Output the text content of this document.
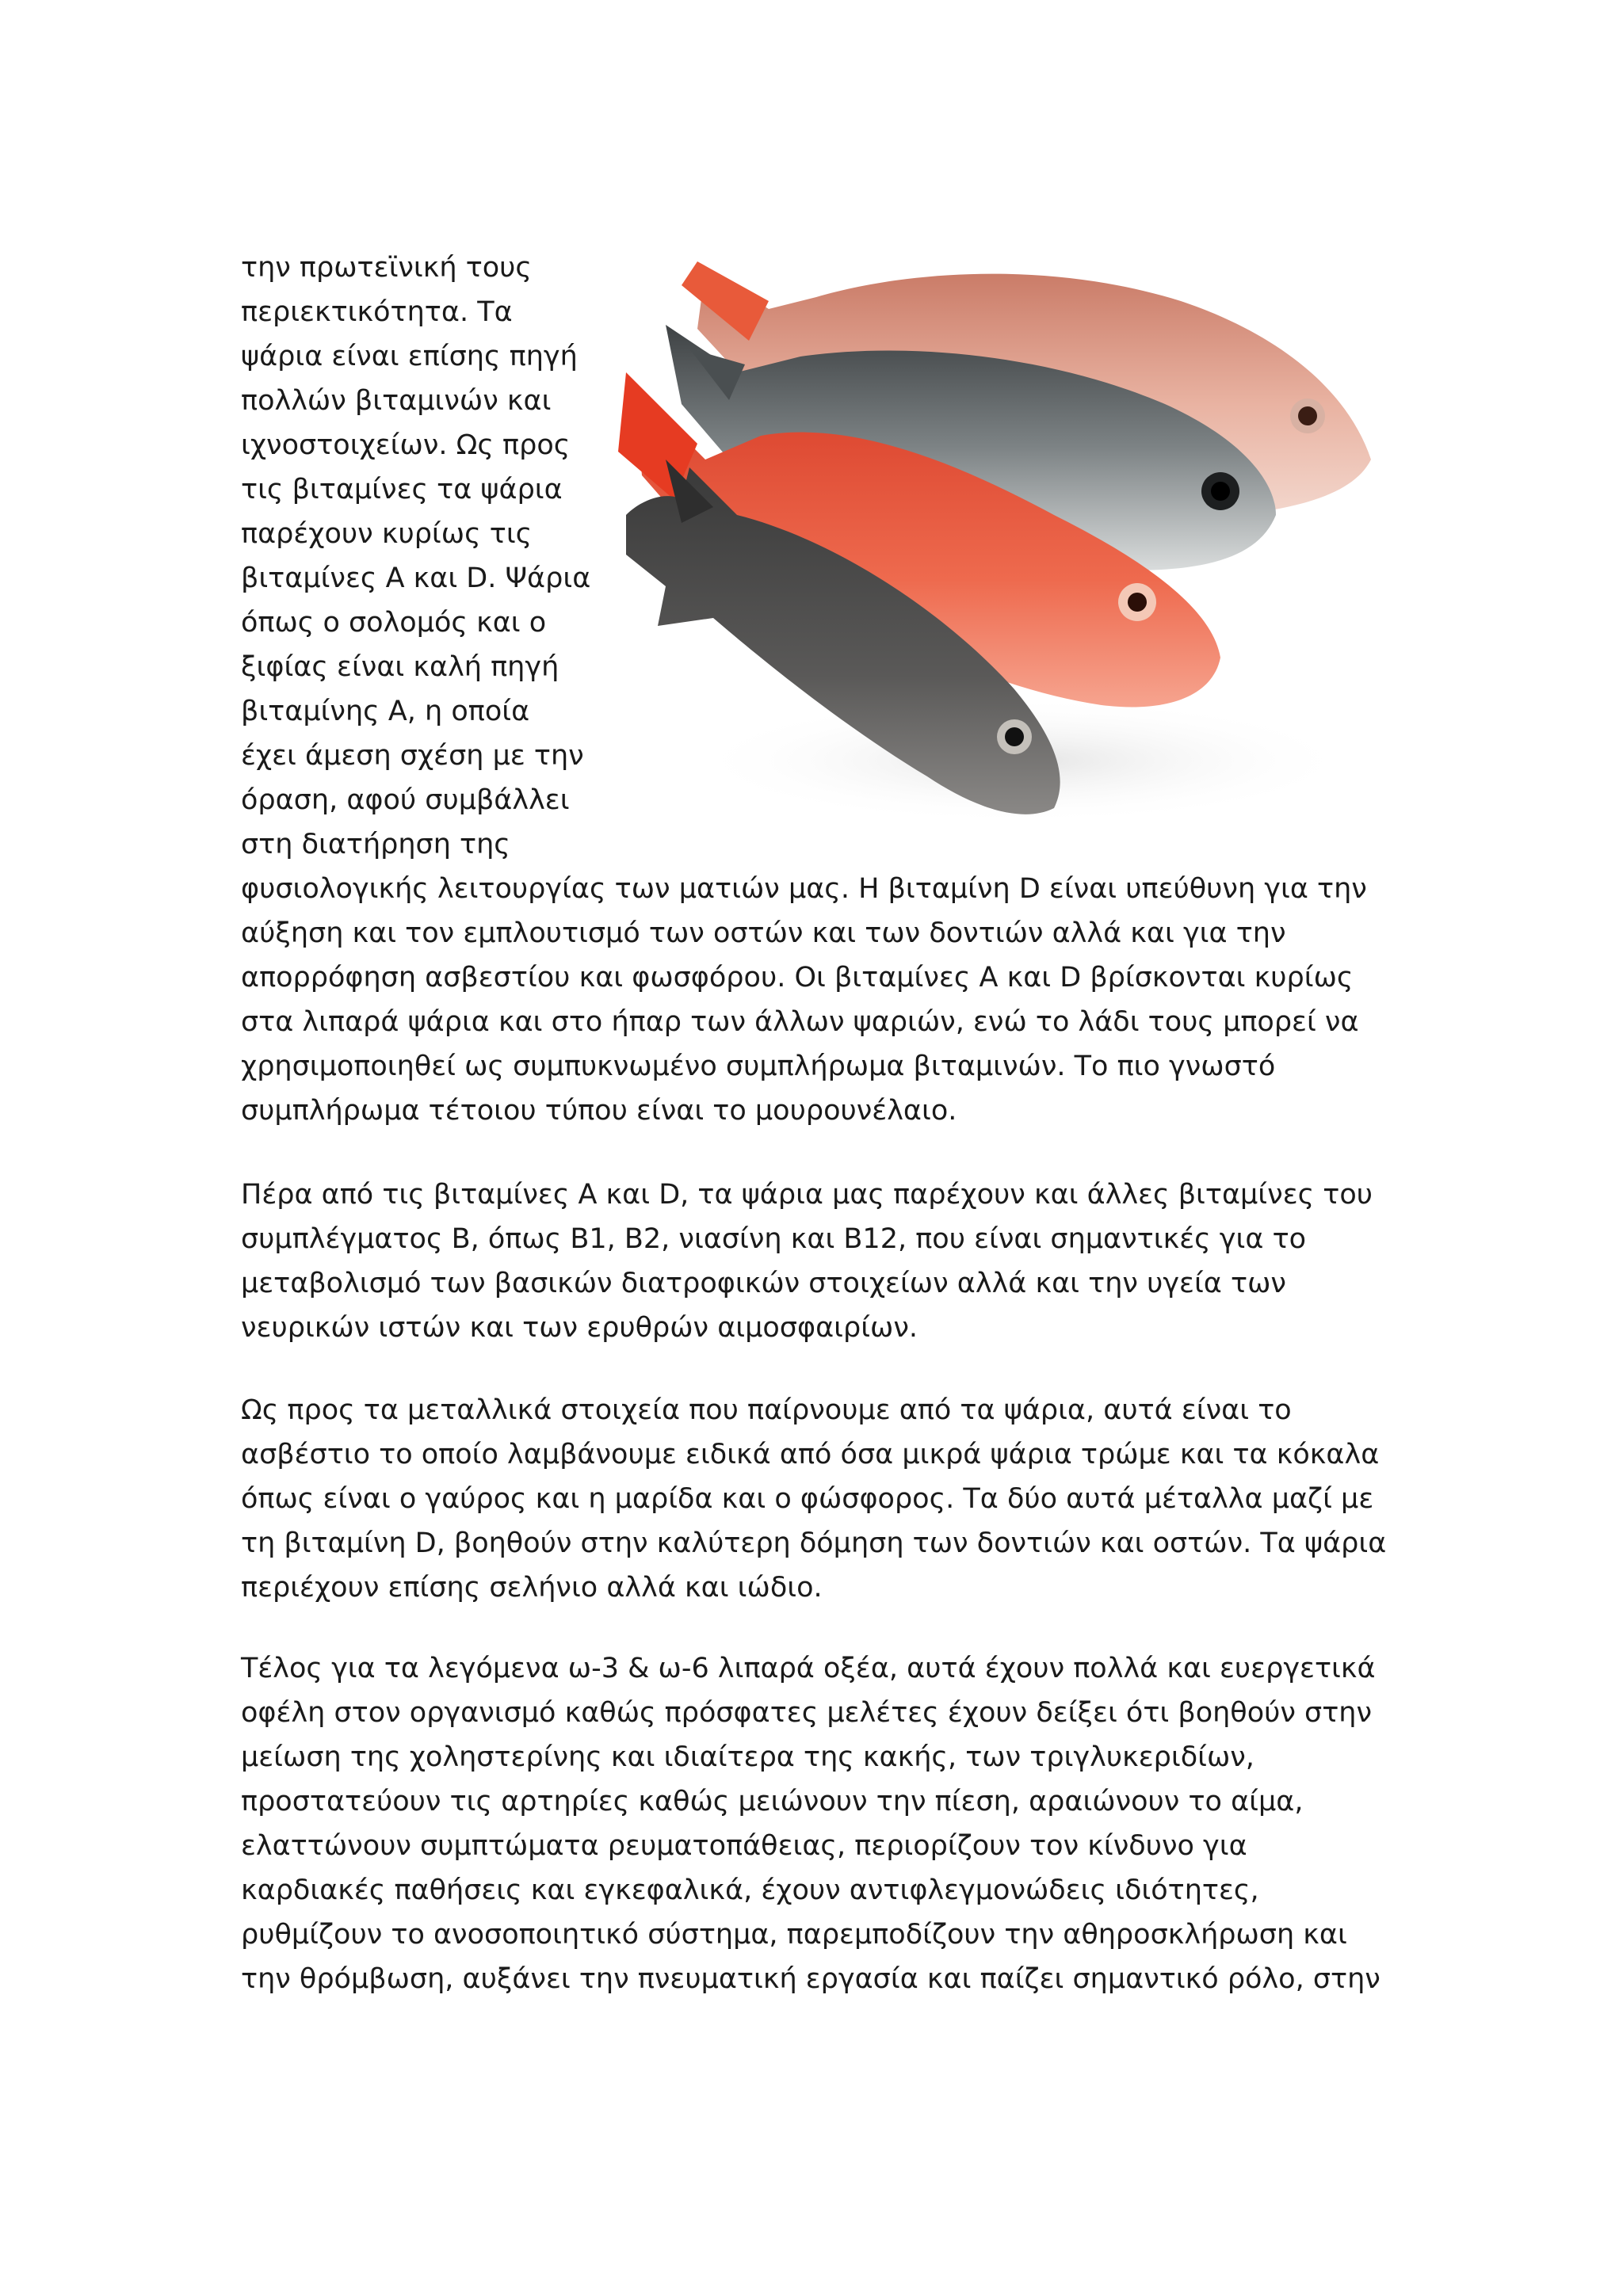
την πρωτεϊνική τους
περιεκτικότητα. Τα
ψάρια είναι επίσης πηγή
πολλών βιταμινών και
ιχνοστοιχείων. Ως προς
τις βιταμίνες τα ψάρια
παρέχουν κυρίως τις
βιταμίνες Α και D. Ψάρια
όπως ο σολομός και ο
ξιφίας είναι καλή πηγή
βιταμίνης Α, η οποία
έχει άμεση σχέση με την
όραση, αφού συμβάλλει
στη διατήρηση της
φυσιολογικής λειτουργίας των ματιών μας. Η βιταμίνη D είναι υπεύθυνη για την
αύξηση και τον εμπλουτισμό των οστών και των δοντιών αλλά και για την
απορρόφηση ασβεστίου και φωσφόρου. Οι βιταμίνες Α και D βρίσκονται κυρίως
στα λιπαρά ψάρια και στο ήπαρ των άλλων ψαριών, ενώ το λάδι τους μπορεί να
χρησιμοποιηθεί ως συμπυκνωμένο συμπλήρωμα βιταμινών. Το πιο γνωστό
συμπλήρωμα τέτοιου τύπου είναι το μουρουνέλαιο.
Πέρα από τις βιταμίνες Α και D, τα ψάρια μας παρέχουν και άλλες βιταμίνες του
συμπλέγματος Β, όπως Β1, Β2, νιασίνη και Β12, που είναι σημαντικές για το
μεταβολισμό των βασικών διατροφικών στοιχείων αλλά και την υγεία των
νευρικών ιστών και των ερυθρών αιμοσφαιρίων.
Ως προς τα μεταλλικά στοιχεία που παίρνουμε από τα ψάρια, αυτά είναι το
ασβέστιο το οποίο λαμβάνουμε ειδικά από όσα μικρά ψάρια τρώμε και τα κόκαλα
όπως είναι ο γαύρος και η μαρίδα και ο φώσφορος. Τα δύο αυτά μέταλλα μαζί με
τη βιταμίνη D, βοηθούν στην καλύτερη δόμηση των δοντιών και οστών. Τα ψάρια
περιέχουν επίσης σελήνιο αλλά και ιώδιο.
Τέλος για τα λεγόμενα ω-3 & ω-6 λιπαρά οξέα, αυτά έχουν πολλά και ευεργετικά
οφέλη στον οργανισμό καθώς πρόσφατες μελέτες έχουν δείξει ότι βοηθούν στην
μείωση της χοληστερίνης και ιδιαίτερα της κακής, των τριγλυκεριδίων,
προστατεύουν τις αρτηρίες καθώς μειώνουν την πίεση, αραιώνουν το αίμα,
ελαττώνουν συμπτώματα ρευματοπάθειας, περιορίζουν τον κίνδυνο για
καρδιακές παθήσεις και εγκεφαλικά, έχουν αντιφλεγμονώδεις ιδιότητες,
ρυθμίζουν το ανοσοποιητικό σύστημα, παρεμποδίζουν την αθηροσκλήρωση και
την θρόμβωση, αυξάνει την πνευματική εργασία και παίζει σημαντικό ρόλο, στην
